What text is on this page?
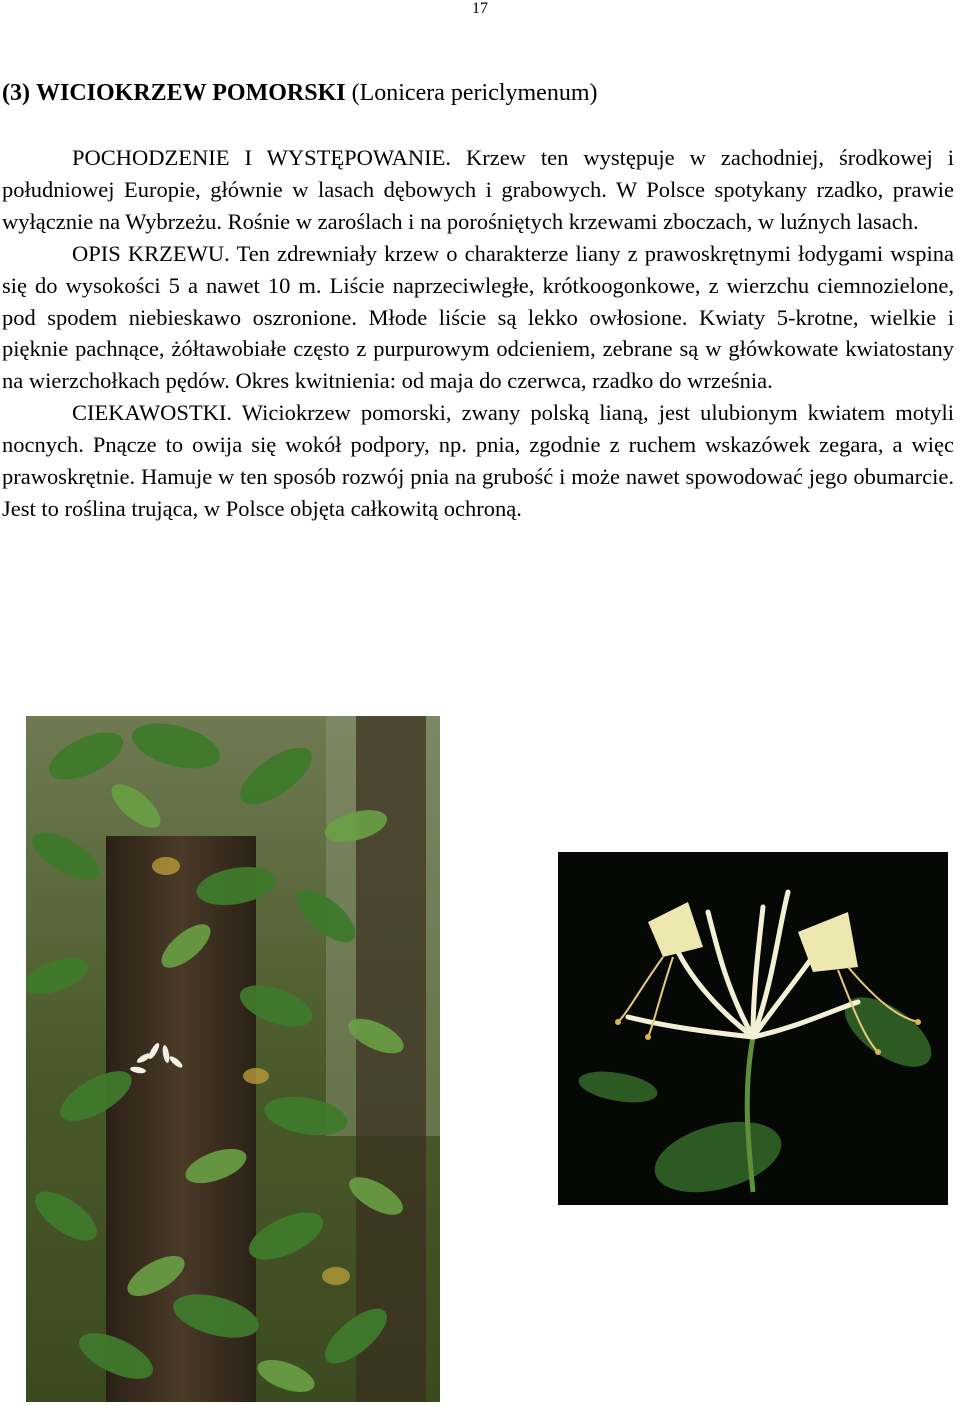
17
(3) WICIOKRZEW POMORSKI (Lonicera periclymenum)

POCHODZENIE I WYSTĘPOWANIE. Krzew ten występuje w zachodniej, środkowej i południowej Europie, głównie w lasach dębowych i grabowych. W Polsce spotykany rzadko, prawie wyłącznie na Wybrzeżu. Rośnie w zaroślach i na porośniętych krzewami zboczach, w luźnych lasach.

OPIS KRZEWU. Ten zdrewniały krzew o charakterze liany z prawoskrętnymi łodygami wspina się do wysokości 5 a nawet 10 m. Liście naprzeciwległe, krótkoogonkowe, z wierzchu ciemnozielone, pod spodem niebieskawo oszronione. Młode liście są lekko owłosione. Kwiaty 5-krotne, wielkie i pięknie pachnące, żółtawobiałe często z purpurowym odcieniem, zebrane są w główkowate kwiatostany na wierzchołkach pędów. Okres kwitnienia: od maja do czerwca, rzadko do września.

CIEKAWOSTKI. Wiciokrzew pomorski, zwany polską lianą, jest ulubionym kwiatem motyli nocnych. Pnącze to owija się wokół podpory, np. pnia, zgodnie z ruchem wskazówek zegara, a więc prawoskrętnie. Hamuje w ten sposób rozwój pnia na grubość i może nawet spowodować jego obumarcie. Jest to roślina trująca, w Polsce objęta całkowitą ochroną.
